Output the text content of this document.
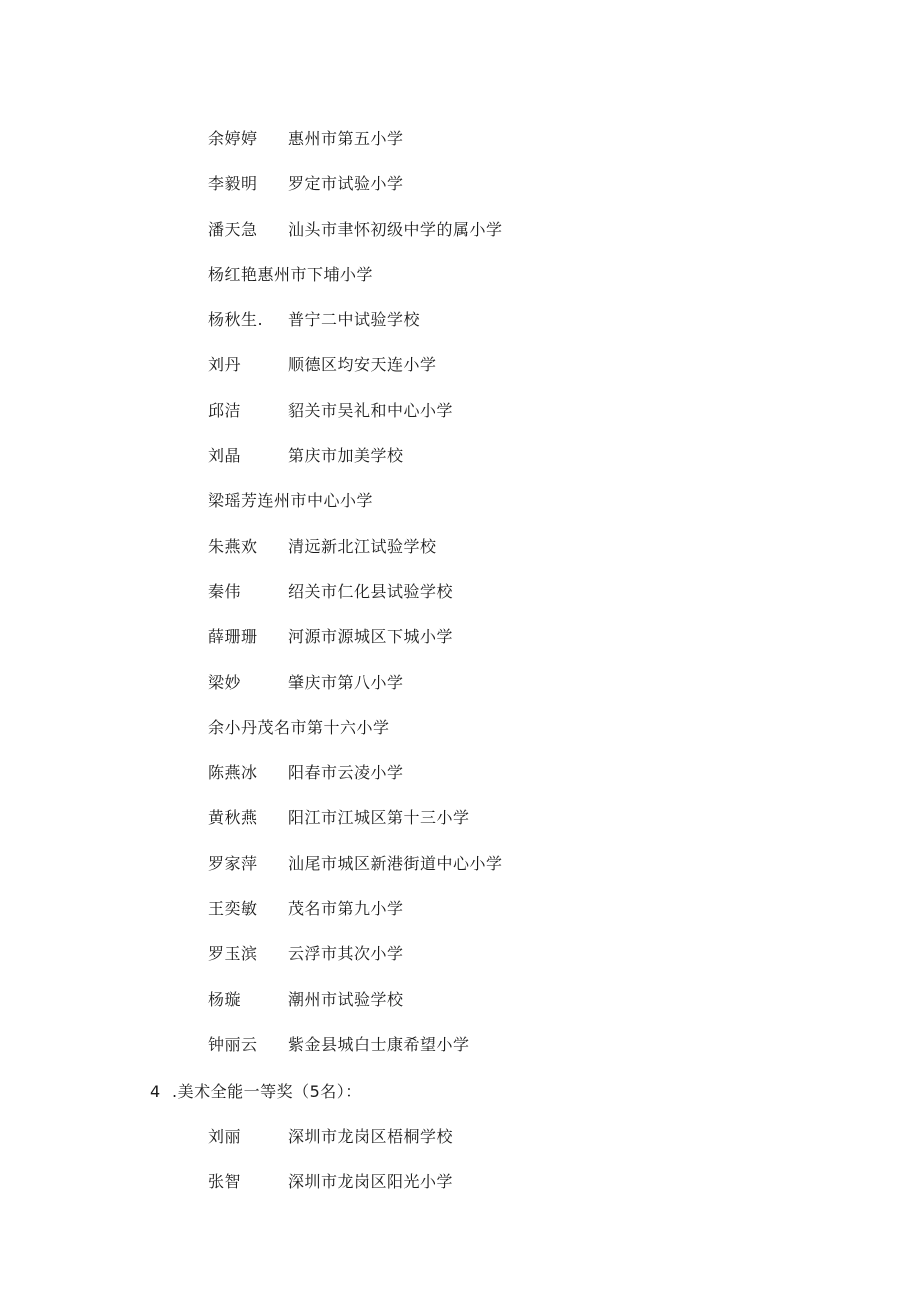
余婷婷	惠州市第五小学
李毅明	罗定市试验小学
潘天急	汕头市聿怀初级中学的属小学
杨红艳 惠州市下埔小学
杨秋生.	普宁二中试验学校
刘丹	顺德区均安天连小学
邱洁	貂关市吴礼和中心小学
刘晶	第庆市加美学校
梁瑶芳 连州市中心小学
朱燕欢	清远新北江试验学校
秦伟	绍关市仁化县试验学校
薛珊珊	河源市源城区下城小学
梁妙	肇庆市第八小学
余小丹 茂名市第十六小学
陈燕冰	阳春市云凌小学
黄秋燕	阳江市江城区第十三小学
罗家萍	汕尾市城区新港街道中心小学
王奕敏	茂名市第九小学
罗玉滨	云浮市其次小学
杨璇	潮州市试验学校
钟丽云	紫金县城白士康希望小学
4 .美术全能一等奖（5名）：
刘丽	深圳市龙岗区梧桐学校
张智	深圳市龙岗区阳光小学
